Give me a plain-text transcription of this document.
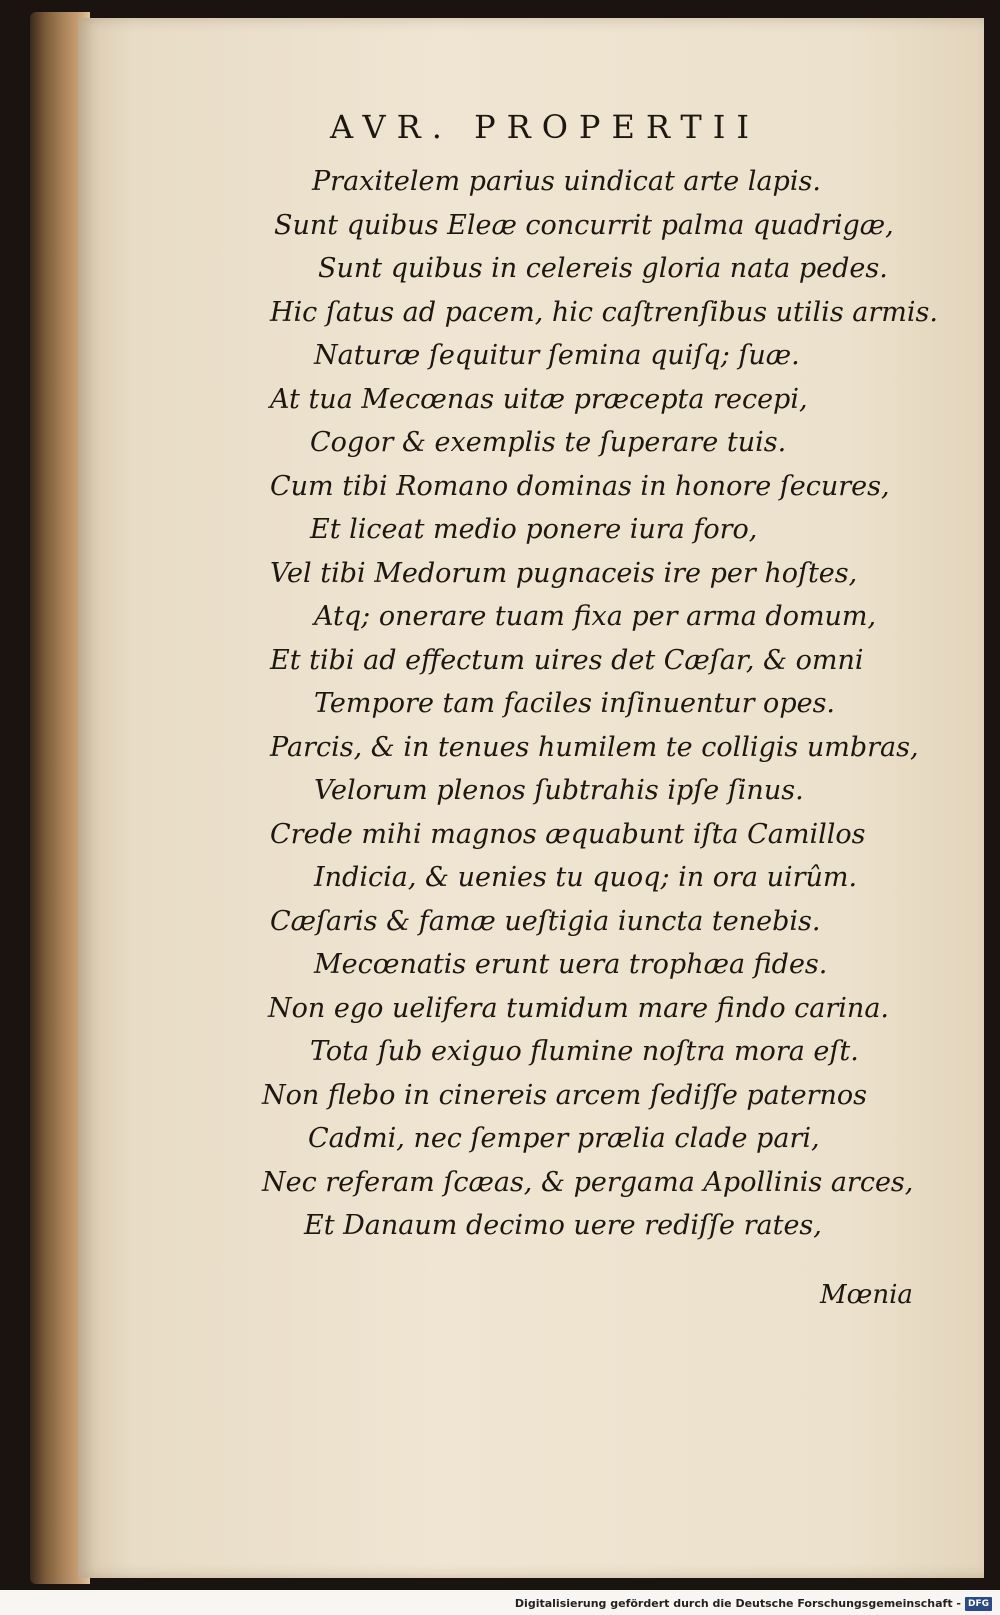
AVR. PROPERTII
Praxitelem parius uindicat arte lapis.
Sunt quibus Eleæ concurrit palma quadrigæ,
Sunt quibus in celereis gloria nata pedes.
Hic ſatus ad pacem, hic caſtrenſibus utilis armis.
Naturæ ſequitur ſemina quiſq; ſuæ.
At tua Mecœnas uitæ præcepta recepi,
Cogor & exemplis te ſuperare tuis.
Cum tibi Romano dominas in honore ſecures,
Et liceat medio ponere iura foro,
Vel tibi Medorum pugnaceis ire per hoſtes,
Atq; onerare tuam fixa per arma domum,
Et tibi ad effectum uires det Cæſar, & omni
Tempore tam faciles inſinuentur opes.
Parcis, & in tenues humilem te colligis umbras,
Velorum plenos ſubtrahis ipſe ſinus.
Crede mihi magnos æquabunt iſta Camillos
Indicia, & uenies tu quoq; in ora uirûm.
Cæſaris & famæ ueſtigia iuncta tenebis.
Mecœnatis erunt uera trophæa fides.
Non ego uelifera tumidum mare findo carina.
Tota ſub exiguo flumine noſtra mora eſt.
Non flebo in cinereis arcem ſediſſe paternos
Cadmi, nec ſemper prælia clade pari,
Nec referam ſcæas, & pergama Apollinis arces,
Et Danaum decimo uere rediſſe rates,
Mœnia
Digitalisierung gefördert durch die Deutsche Forschungsgemeinschaft - DFG
